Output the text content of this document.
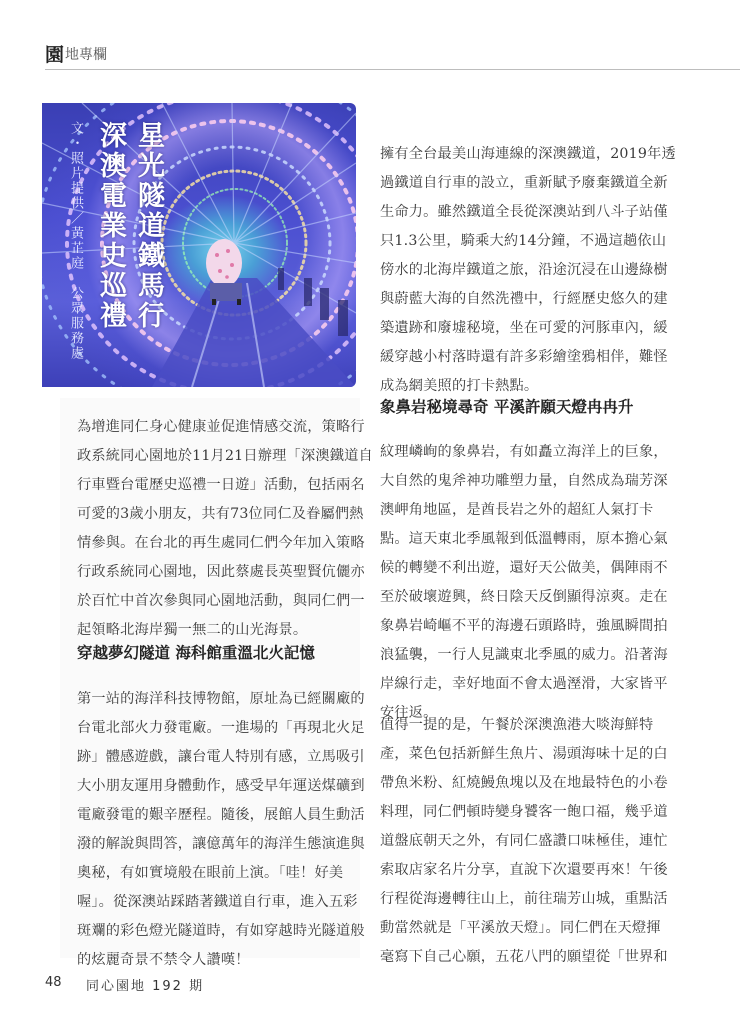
園 地專欄
星光隧道鐵馬行
深澳電業史巡禮
文・照片提供／黃芷庭　公眾服務處

為增進同仁身心健康並促進情感交流，策略行
政系統同心園地於11月21日辦理「深澳鐵道自
行車暨台電歷史巡禮一日遊」活動，包括兩名
可愛的3歲小朋友，共有73位同仁及眷屬們熱
情參與。在台北的再生處同仁們今年加入策略
行政系統同心園地，因此蔡處長英聖賢伉儷亦
於百忙中首次參與同心園地活動，與同仁們一
起領略北海岸獨一無二的山光海景。

穿越夢幻隧道 海科館重溫北火記憶

第一站的海洋科技博物館，原址為已經關廠的
台電北部火力發電廠。一進場的「再現北火足
跡」體感遊戲，讓台電人特別有感，立馬吸引
大小朋友運用身體動作，感受早年運送煤礦到
電廠發電的艱辛歷程。隨後，展館人員生動活
潑的解說與問答，讓億萬年的海洋生態演進與
奧秘，有如實境般在眼前上演。「哇！好美
喔」。從深澳站踩踏著鐵道自行車，進入五彩
斑斕的彩色燈光隧道時，有如穿越時光隧道般
的炫麗奇景不禁令人讚嘆！

擁有全台最美山海連線的深澳鐵道，2019年透
過鐵道自行車的設立，重新賦予廢棄鐵道全新
生命力。雖然鐵道全長從深澳站到八斗子站僅
只1.3公里，騎乘大約14分鐘，不過這趟依山
傍水的北海岸鐵道之旅，沿途沉浸在山邊綠樹
與蔚藍大海的自然洗禮中，行經歷史悠久的建
築遺跡和廢墟秘境，坐在可愛的河豚車內，緩
緩穿越小村落時還有許多彩繪塗鴉相伴，難怪
成為網美照的打卡熱點。

象鼻岩秘境尋奇 平溪許願天燈冉冉升

紋理嶙峋的象鼻岩，有如矗立海洋上的巨象，
大自然的鬼斧神功雕塑力量，自然成為瑞芳深
澳岬角地區，是酋長岩之外的超紅人氣打卡
點。這天東北季風報到低溫轉雨，原本擔心氣
候的轉變不利出遊，還好天公做美，偶陣雨不
至於破壞遊興，終日陰天反倒顯得涼爽。走在
象鼻岩崎嶇不平的海邊石頭路時，強風瞬間拍
浪猛襲，一行人見識東北季風的威力。沿著海
岸線行走，幸好地面不會太過溼滑，大家皆平
安往返。

值得一提的是，午餐於深澳漁港大啖海鮮特
產，菜色包括新鮮生魚片、湯頭海味十足的白
帶魚米粉、紅燒鰻魚塊以及在地最特色的小卷
料理，同仁們頓時變身饕客一飽口福，幾乎道
道盤底朝天之外，有同仁盛讚口味極佳，連忙
索取店家名片分享，直說下次還要再來！午後
行程從海邊轉往山上，前往瑞芳山城，重點活
動當然就是「平溪放天燈」。同仁們在天燈揮
毫寫下自己心願，五花八門的願望從「世界和

48 同心園地 192 期
